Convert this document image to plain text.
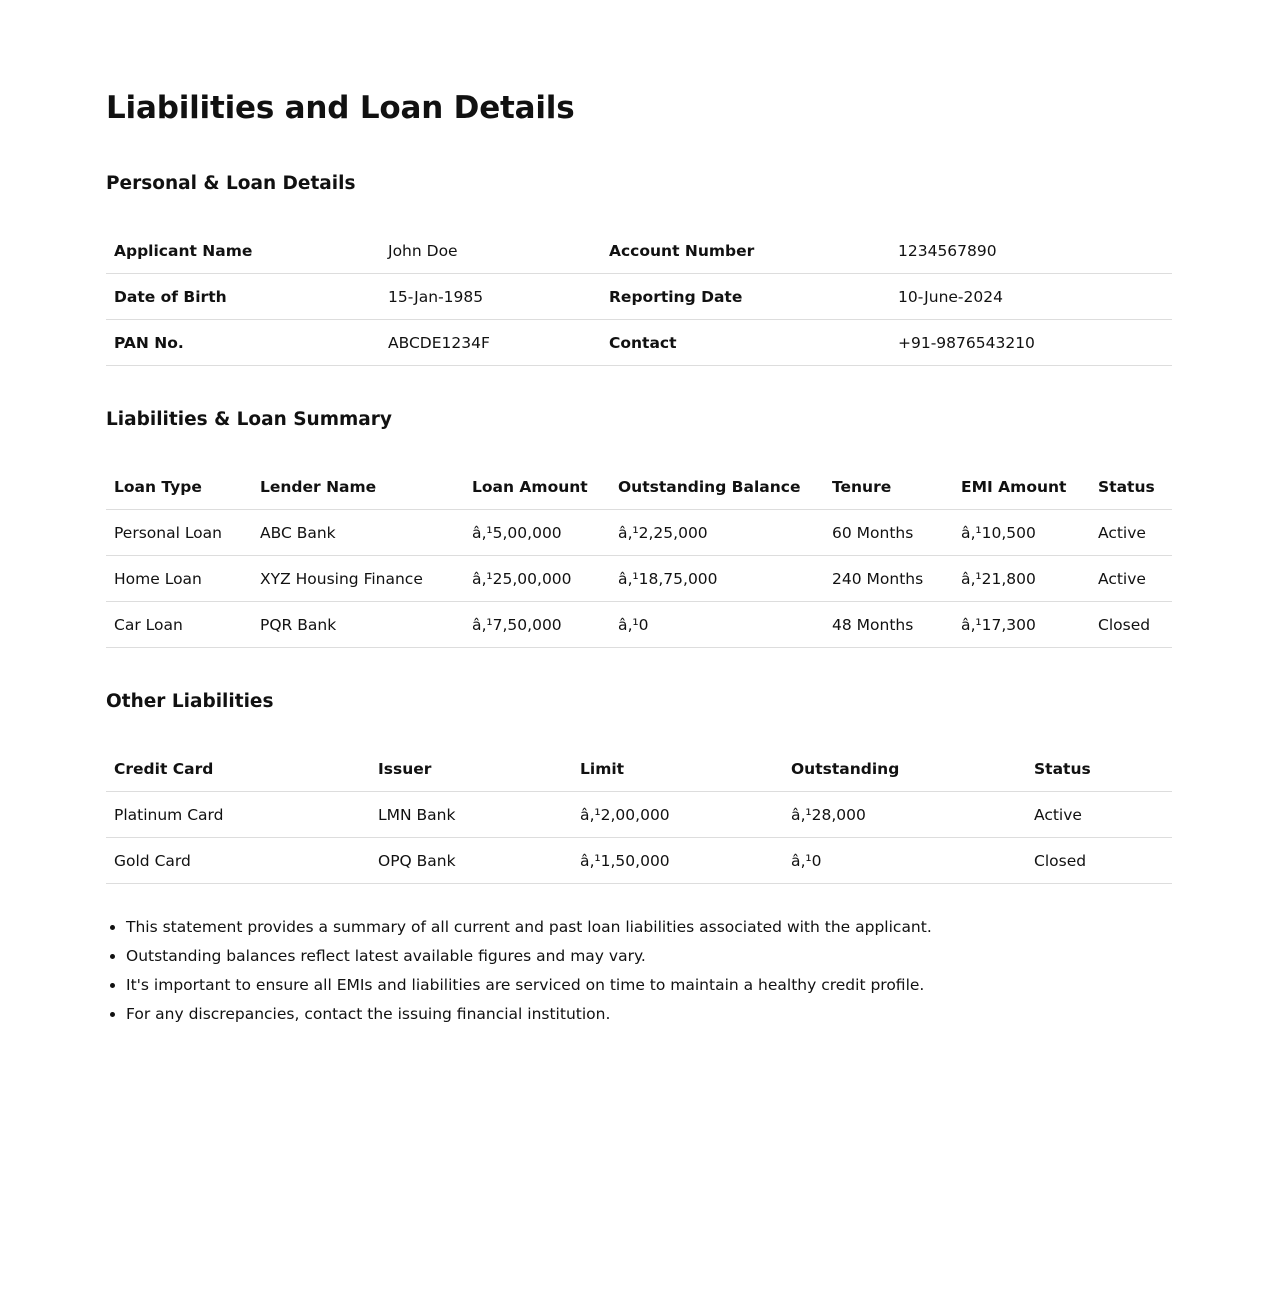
Liabilities and Loan Details
Personal & Loan Details
Applicant Name	John Doe	Account Number	1234567890
Date of Birth	15-Jan-1985	Reporting Date	10-June-2024
PAN No.	ABCDE1234F	Contact	+91-9876543210
Liabilities & Loan Summary
Loan Type	Lender Name	Loan Amount	Outstanding Balance	Tenure	EMI Amount	Status
Personal Loan	ABC Bank	â‚¹5,00,000	â‚¹2,25,000	60 Months	â‚¹10,500	Active
Home Loan	XYZ Housing Finance	â‚¹25,00,000	â‚¹18,75,000	240 Months	â‚¹21,800	Active
Car Loan	PQR Bank	â‚¹7,50,000	â‚¹0	48 Months	â‚¹17,300	Closed
Other Liabilities
Credit Card	Issuer	Limit	Outstanding	Status
Platinum Card	LMN Bank	â‚¹2,00,000	â‚¹28,000	Active
Gold Card	OPQ Bank	â‚¹1,50,000	â‚¹0	Closed
• This statement provides a summary of all current and past loan liabilities associated with the applicant.
• Outstanding balances reflect latest available figures and may vary.
• It's important to ensure all EMIs and liabilities are serviced on time to maintain a healthy credit profile.
• For any discrepancies, contact the issuing financial institution.
